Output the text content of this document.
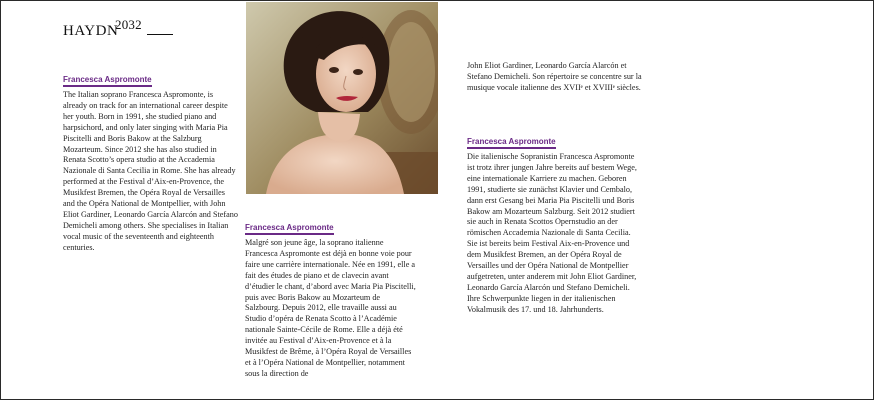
HAYDN
2032
Francesca Aspromonte

The Italian soprano Francesca Aspromonte, is already on track for an international career despite her youth. Born in 1991, she studied piano and harpsichord, and only later singing with Maria Pia Piscitelli and Boris Bakow at the Salzburg Mozarteum. Since 2012 she has also studied in Renata Scotto’s opera studio at the Accademia Nazionale di Santa Cecilia in Rome. She has already performed at the Festival d’Aix-en-Provence, the Musikfest Bremen, the Opéra Royal de Versailles and the Opéra National de Montpellier, with John Eliot Gardiner, Leonardo García Alarcón and Stefano Demicheli among others. She specialises in Italian vocal music of the seventeenth and eighteenth centuries.

Francesca Aspromonte

Malgré son jeune âge, la soprano italienne Francesca Aspromonte est déjà en bonne voie pour faire une carrière internationale. Née en 1991, elle a fait des études de piano et de clavecin avant d’étudier le chant, d’abord avec Maria Pia Piscitelli, puis avec Boris Bakow au Mozarteum de Salzbourg. Depuis 2012, elle travaille aussi au Studio d’opéra de Renata Scotto à l’Académie nationale Sainte-Cécile de Rome. Elle a déjà été invitée au Festival d’Aix-en-Provence et à la Musikfest de Brême, à l’Opéra Royal de Versailles et à l’Opéra National de Montpellier, notamment sous la direction de

John Eliot Gardiner, Leonardo García Alarcón et Stefano Demicheli. Son répertoire se concentre sur la musique vocale italienne des XVIIᵉ et XVIIIᵉ siècles.

Francesca Aspromonte

Die italienische Sopranistin Francesca Aspromonte ist trotz ihrer jungen Jahre bereits auf bestem Wege, eine internationale Karriere zu machen. Geboren 1991, studierte sie zunächst Klavier und Cembalo, dann erst Gesang bei Maria Pia Piscitelli und Boris Bakow am Mozarteum Salzburg. Seit 2012 studiert sie auch in Renata Scottos Opernstudio an der römischen Accademia Nazionale di Santa Cecilia. Sie ist bereits beim Festival Aix-en-Provence und dem Musikfest Bremen, an der Opéra Royal de Versailles und der Opéra National de Montpellier aufgetreten, unter anderem mit John Eliot Gardiner, Leonardo García Alarcón und Stefano Demicheli. Ihre Schwerpunkte liegen in der italienischen Vokalmusik des 17. und 18. Jahrhunderts.
